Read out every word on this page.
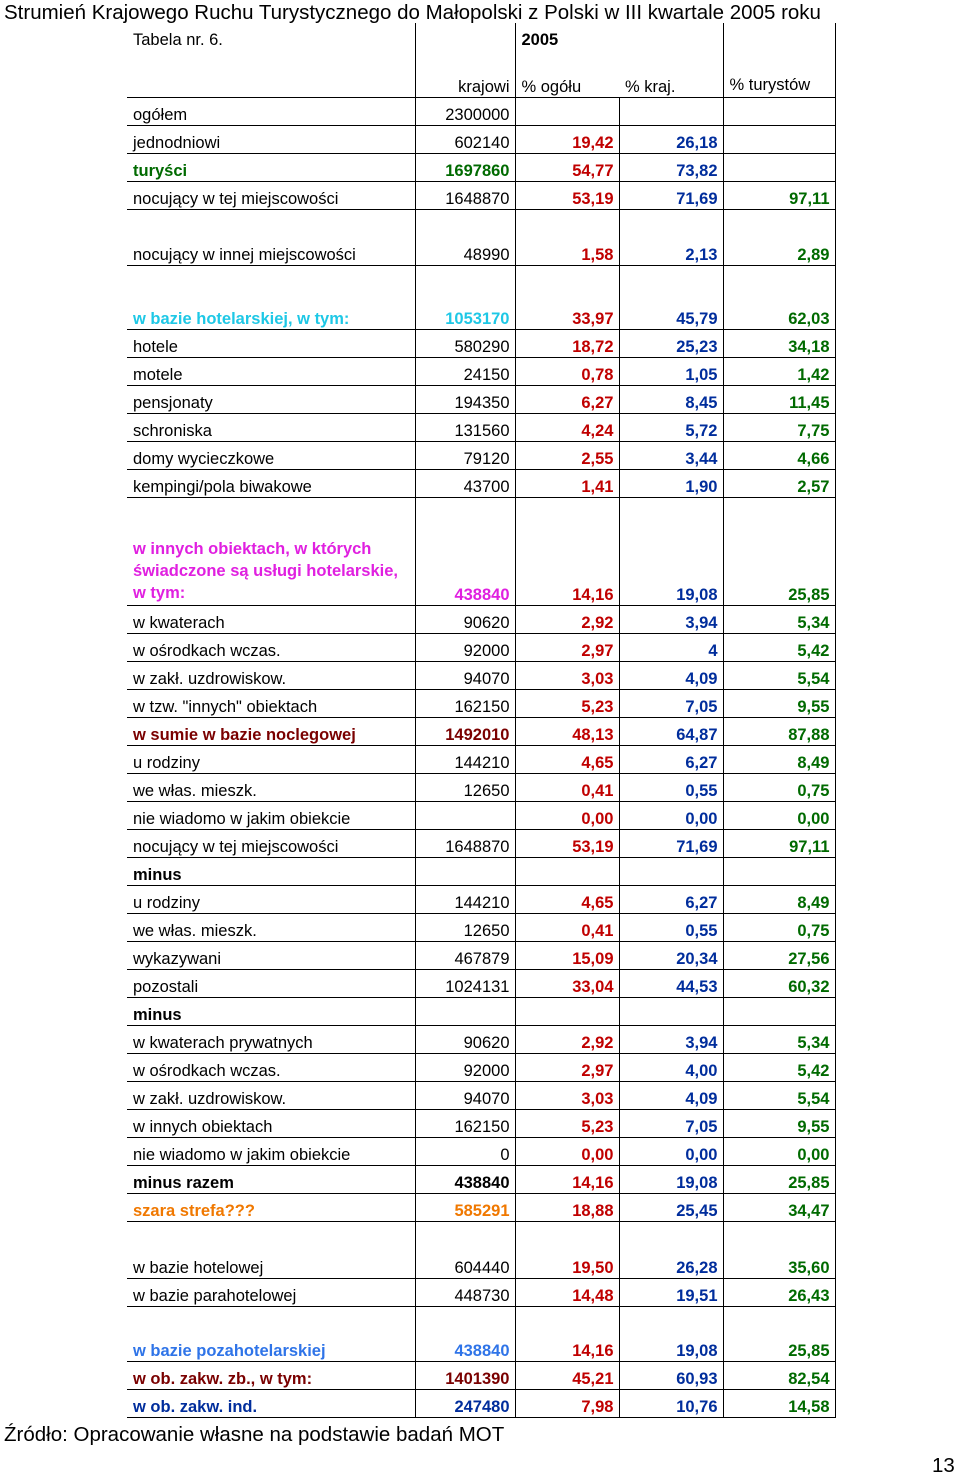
Strumień Krajowego Ruchu Turystycznego do Małopolski z Polski w III kwartale 2005 roku
Tabela nr. 6.		2005		
	krajowi	% ogółu	% kraj.	% turystów
ogółem	2300000			
jednodniowi	602140	19,42	26,18	
turyści	1697860	54,77	73,82	
nocujący w tej miejscowości	1648870	53,19	71,69	97,11
nocujący w innej miejscowości	48990	1,58	2,13	2,89
w bazie hotelarskiej, w tym:	1053170	33,97	45,79	62,03
hotele	580290	18,72	25,23	34,18
motele	24150	0,78	1,05	1,42
pensjonaty	194350	6,27	8,45	11,45
schroniska	131560	4,24	5,72	7,75
domy wycieczkowe	79120	2,55	3,44	4,66
kempingi/pola biwakowe	43700	1,41	1,90	2,57
w innych obiektach, w których świadczone są usługi hotelarskie, w tym:	438840	14,16	19,08	25,85
w kwaterach	90620	2,92	3,94	5,34
w ośrodkach wczas.	92000	2,97	4	5,42
w zakł. uzdrowiskow.	94070	3,03	4,09	5,54
w tzw. "innych" obiektach	162150	5,23	7,05	9,55
w sumie w bazie noclegowej	1492010	48,13	64,87	87,88
u rodziny	144210	4,65	6,27	8,49
we włas. mieszk.	12650	0,41	0,55	0,75
nie wiadomo w jakim obiekcie		0,00	0,00	0,00
nocujący w tej miejscowości	1648870	53,19	71,69	97,11
minus				
u rodziny	144210	4,65	6,27	8,49
we włas. mieszk.	12650	0,41	0,55	0,75
wykazywani	467879	15,09	20,34	27,56
pozostali	1024131	33,04	44,53	60,32
minus				
w kwaterach prywatnych	90620	2,92	3,94	5,34
w ośrodkach wczas.	92000	2,97	4,00	5,42
w zakł. uzdrowiskow.	94070	3,03	4,09	5,54
w innych obiektach	162150	5,23	7,05	9,55
nie wiadomo w jakim obiekcie	0	0,00	0,00	0,00
minus razem	438840	14,16	19,08	25,85
szara strefa???	585291	18,88	25,45	34,47
w bazie hotelowej	604440	19,50	26,28	35,60
w bazie parahotelowej	448730	14,48	19,51	26,43
w bazie pozahotelarskiej	438840	14,16	19,08	25,85
w ob. zakw. zb., w tym:	1401390	45,21	60,93	82,54
w ob. zakw. ind.	247480	7,98	10,76	14,58
Źródło: Opracowanie własne na podstawie badań MOT
13
